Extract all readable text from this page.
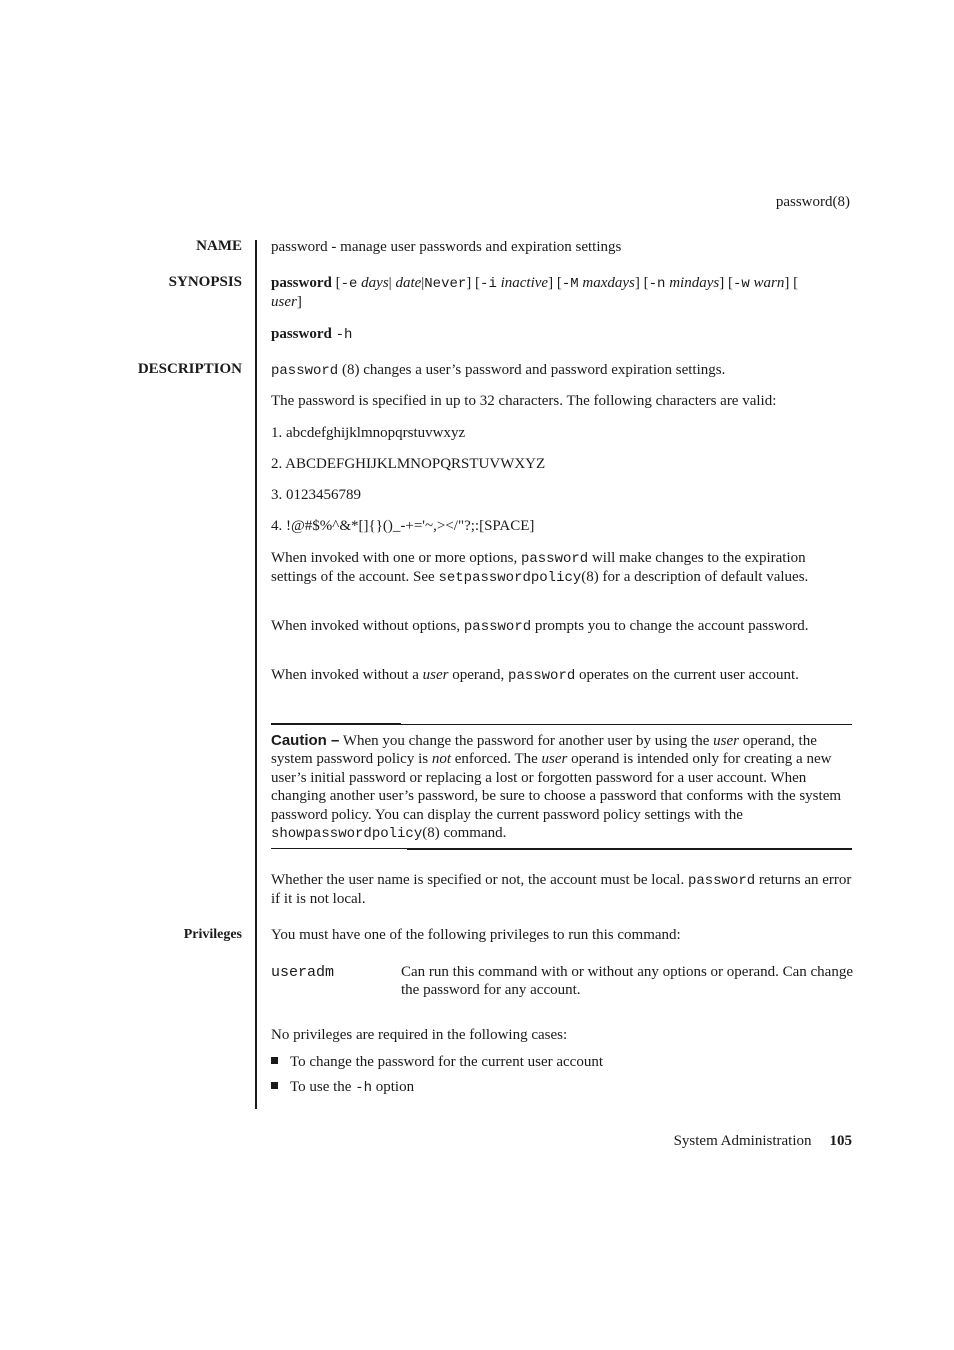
password(8)
NAME password - manage user passwords and expiration settings
SYNOPSIS password [-e days| date|Never] [-i inactive] [-M maxdays] [-n mindays] [-w warn] [ user]
password -h
DESCRIPTION password (8) changes a user’s password and password expiration settings.
The password is specified in up to 32 characters. The following characters are valid:
1. abcdefghijklmnopqrstuvwxyz
2. ABCDEFGHIJKLMNOPQRSTUVWXYZ
3. 0123456789
4. !@#$%^&*[]{}()_-+='~,></"?;:[SPACE]
When invoked with one or more options, password will make changes to the expiration settings of the account. See setpasswordpolicy(8) for a description of default values.
When invoked without options, password prompts you to change the account password.
When invoked without a user operand, password operates on the current user account.
Caution – When you change the password for another user by using the user operand, the system password policy is not enforced. The user operand is intended only for creating a new user’s initial password or replacing a lost or forgotten password for a user account. When changing another user’s password, be sure to choose a password that conforms with the system password policy. You can display the current password policy settings with the showpasswordpolicy(8) command.
Whether the user name is specified or not, the account must be local. password returns an error if it is not local.
Privileges You must have one of the following privileges to run this command:
useradm	Can run this command with or without any options or operand. Can change the password for any account.
No privileges are required in the following cases:
To change the password for the current user account
To use the -h option
System Administration 105
